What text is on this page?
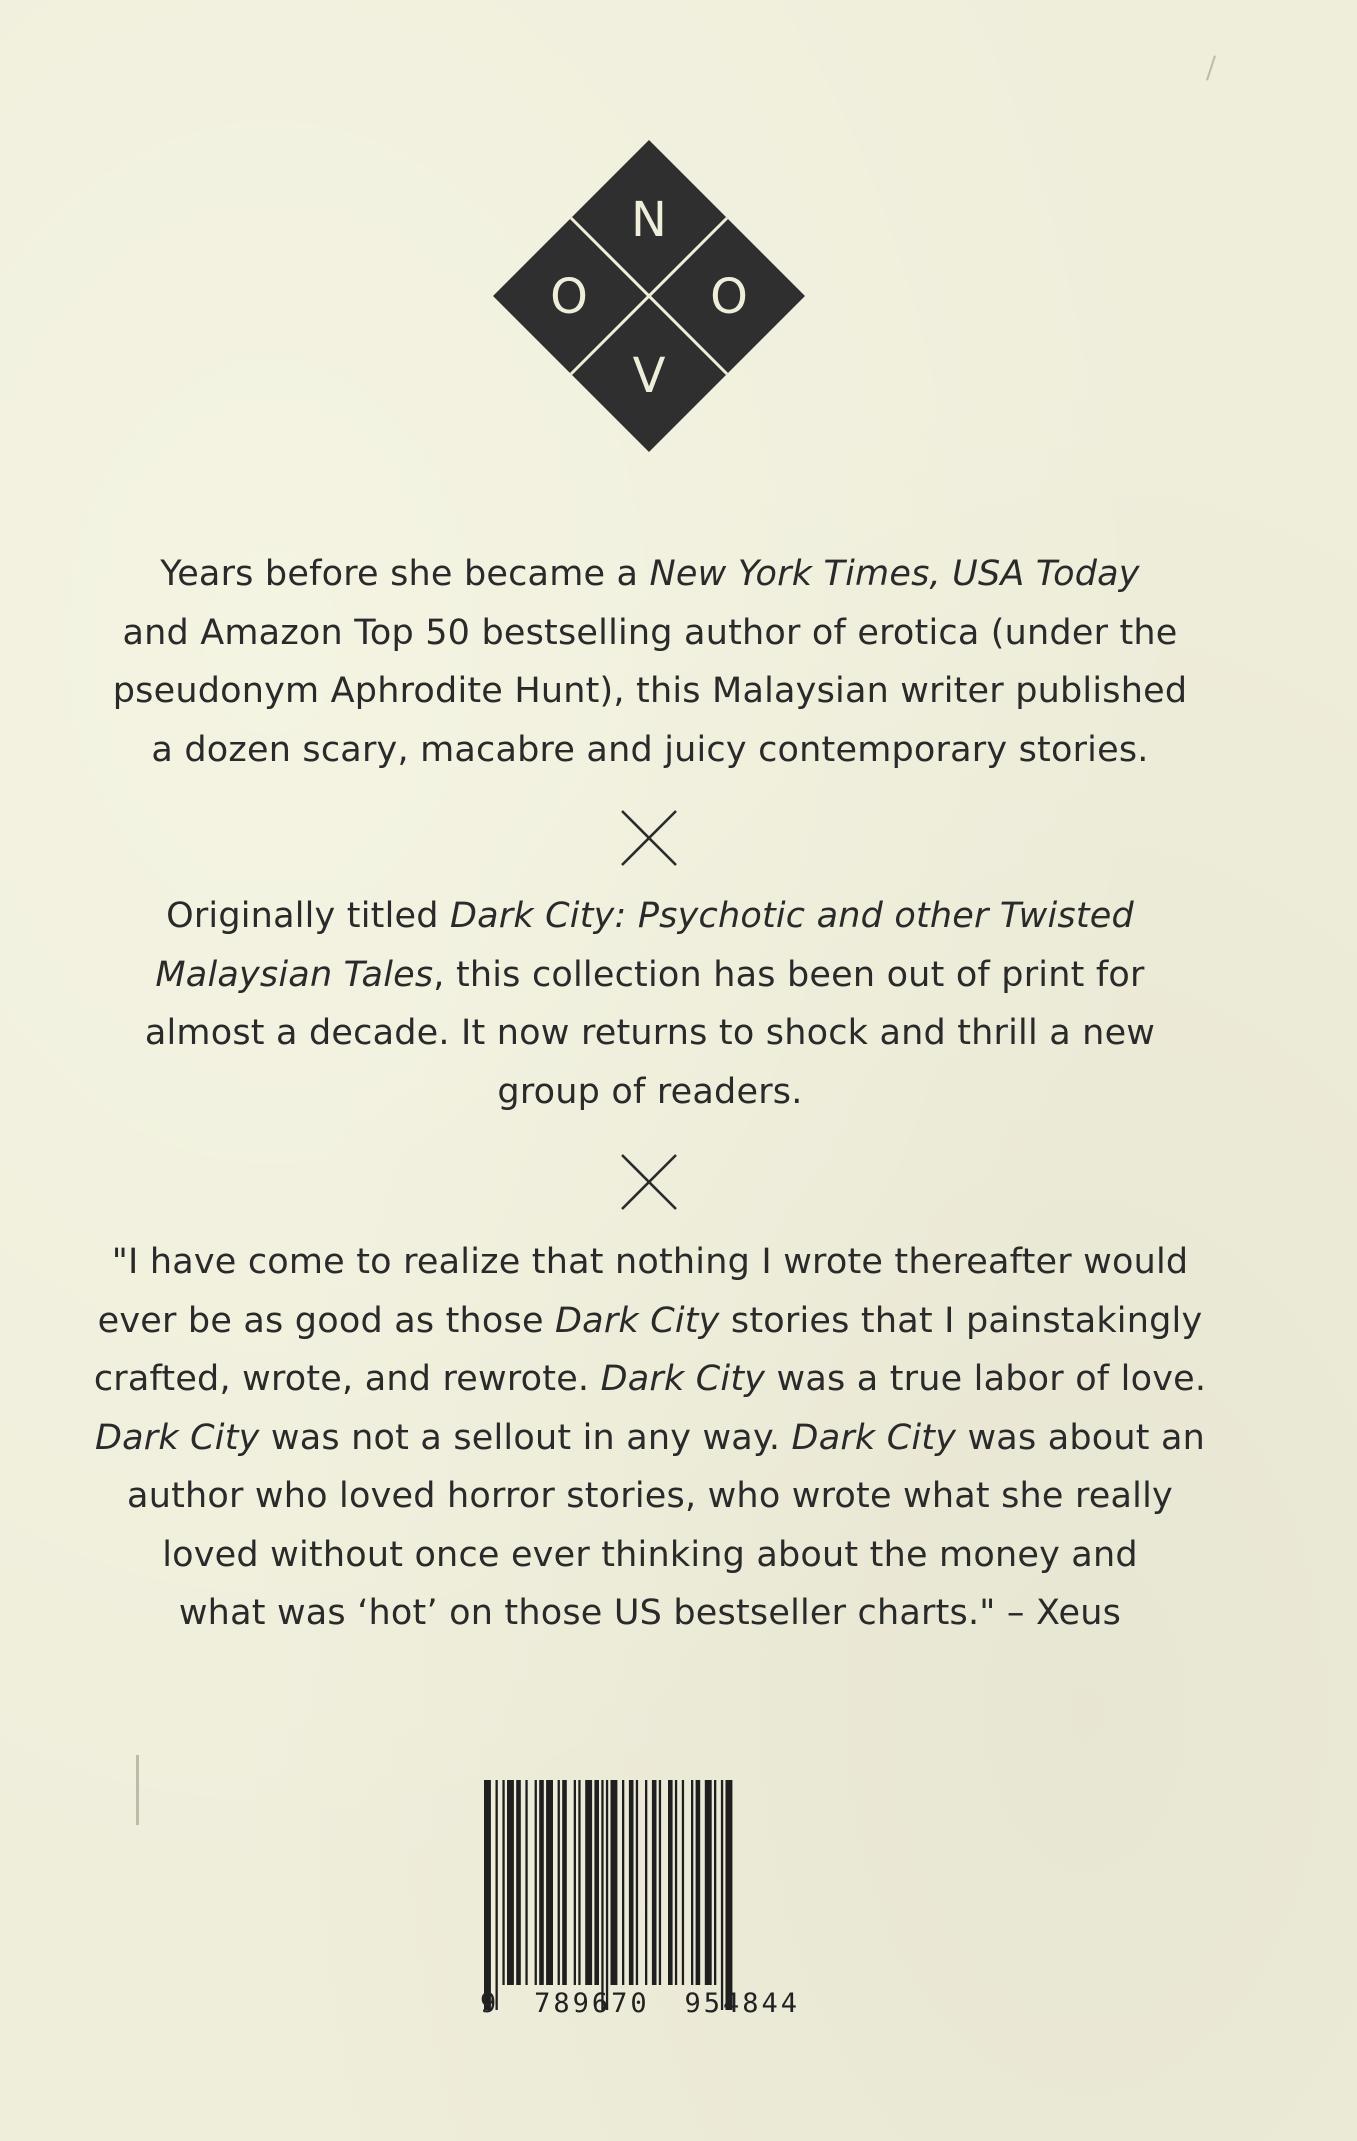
N
O	O
V
Years before she became a New York Times, USA Today
and Amazon Top 50 bestselling author of erotica (under the
pseudonym Aphrodite Hunt), this Malaysian writer published
a dozen scary, macabre and juicy contemporary stories.
Originally titled Dark City: Psychotic and other Twisted
Malaysian Tales, this collection has been out of print for
almost a decade. It now returns to shock and thrill a new
group of readers.
"I have come to realize that nothing I wrote thereafter would
ever be as good as those Dark City stories that I painstakingly
crafted, wrote, and rewrote. Dark City was a true labor of love.
Dark City was not a sellout in any way. Dark City was about an
author who loved horror stories, who wrote what she really
loved without once ever thinking about the money and
what was ‘hot’ on those US bestseller charts." – Xeus
9 789670 954844
